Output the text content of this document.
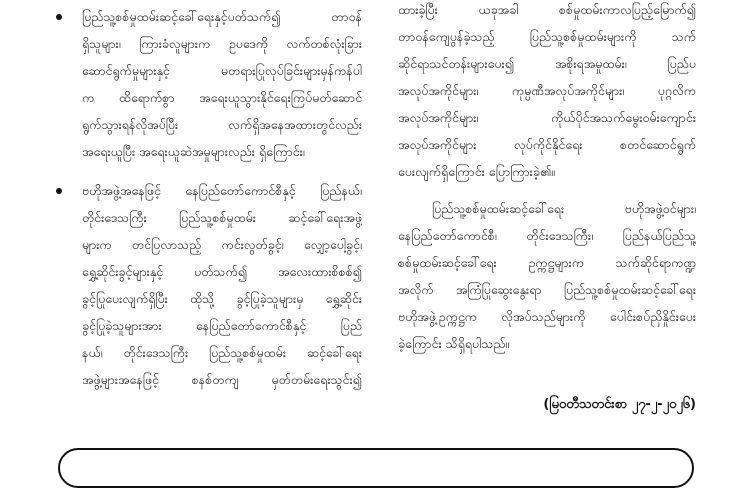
ပြည်သူ့စစ်မှုထမ်းဆင့်ခေါ်ရေးနှင့်ပတ်သက်၍ တာဝန်
ရှိသူများ၊ ကြားခံလူများက ဥပဒေကို လက်တစ်လုံးခြား
ဆောင်ရွက်မှုများနှင့် မတရားပြုလုပ်ခြင်းများမှန်ကန်ပါ
က ထိရောက်စွာ အရေးယူသွားနိုင်ရေးကြပ်မတ်ဆောင်
ရွက်သွားရန်လိုအပ်ပြီး လက်ရှိအနေအထားတွင်လည်း
အရေးယူပြီး အရေးယူဆဲအမှုများလည်း ရှိကြောင်း၊
ဗဟိုအဖွဲ့အနေဖြင့် နေပြည်တော်ကောင်စီနှင့် ပြည်နယ်၊
တိုင်းဒေသကြီး ပြည်သူ့စစ်မှုထမ်း ဆင့်ခေါ်ရေးအဖွဲ့
များက တင်ပြလာသည့် ကင်းလွတ်ခွင့်၊ လျှော့ပေါ့ခွင့်၊
ရွှေ့ဆိုင်းခွင့်များနှင့် ပတ်သက်၍ အလေးထားစိစစ်၍
ခွင့်ပြုပေးလျက်ရှိပြီး ထိုသို့ ခွင့်ပြုခဲ့သူများမှ ရွှေ့ဆိုင်း
ခွင့်ပြုခဲ့သူများအား နေပြည်တော်ကောင်စီနှင့် ပြည်
နယ်၊ တိုင်းဒေသကြီး ပြည်သူ့စစ်မှုထမ်း ဆင့်ခေါ်ရေး
အဖွဲ့များအနေဖြင့် စနစ်တကျ မှတ်တမ်းရေးသွင်း၍

ထားခဲ့ပြီး ယခုအခါ စစ်မှုထမ်းကာလပြည့်မြောက်၍
တာဝန်ကျေပွန်ခဲ့သည့် ပြည်သူ့စစ်မှုထမ်းများကို သက်
ဆိုင်ရာသင်တန်းများပေး၍ အစိုးရအမှုထမ်း၊ ပြည်ပ
အလုပ်အကိုင်များ၊ ကုမ္ပဏီအလုပ်အကိုင်များ၊ ပုဂ္ဂလိက
အလုပ်အကိုင်များ၊ ကိုယ်ပိုင်အသက်မွေးဝမ်းကျောင်း
အလုပ်အကိုင်များ လုပ်ကိုင်နိုင်ရေး စတင်ဆောင်ရွက်
ပေးလျက်ရှိကြောင်း ပြောကြားခဲ့၏။

ပြည်သူ့စစ်မှုထမ်းဆင့်ခေါ်ရေး ဗဟိုအဖွဲ့ဝင်များ၊
နေပြည်တော်ကောင်စီ၊ တိုင်းဒေသကြီး၊ ပြည်နယ်ပြည်သူ့
စစ်မှုထမ်းဆင့်ခေါ်ရေး ဥက္ကဋ္ဌများက သက်ဆိုင်ရာကဏ္ဍ
အလိုက် အကြံပြုဆွေးနွေးရာ ပြည်သူ့စစ်မှုထမ်းဆင့်ခေါ်ရေး
ဗဟိုအဖွဲ့ဥက္ကဋ္ဌက လိုအပ်သည်များကို ပေါင်းစပ်ညှိနှိုင်းပေး
ခဲ့ကြောင်း သိရှိရပါသည်။

(မြဝတီသတင်းစာ ၂၇-၂-၂၀၂၆)
